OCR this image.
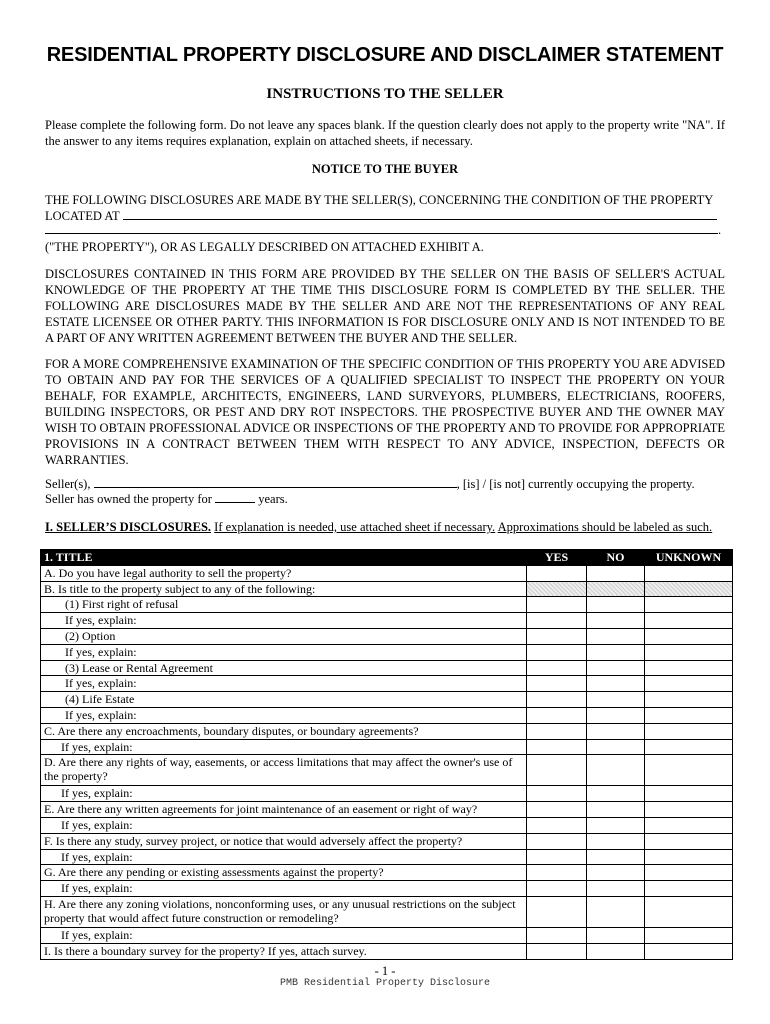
RESIDENTIAL PROPERTY DISCLOSURE AND DISCLAIMER STATEMENT

INSTRUCTIONS TO THE SELLER

Please complete the following form. Do not leave any spaces blank. If the question clearly does not apply to the property write "NA". If the answer to any items requires explanation, explain on attached sheets, if necessary.

NOTICE TO THE BUYER

THE FOLLOWING DISCLOSURES ARE MADE BY THE SELLER(S), CONCERNING THE CONDITION OF THE PROPERTY

LOCATED AT
.

("THE PROPERTY"), OR AS LEGALLY DESCRIBED ON ATTACHED EXHIBIT A.

DISCLOSURES CONTAINED IN THIS FORM ARE PROVIDED BY THE SELLER ON THE BASIS OF SELLER'S ACTUAL KNOWLEDGE OF THE PROPERTY AT THE TIME THIS DISCLOSURE FORM IS COMPLETED BY THE SELLER. THE FOLLOWING ARE DISCLOSURES MADE BY THE SELLER AND ARE NOT THE REPRESENTATIONS OF ANY REAL ESTATE LICENSEE OR OTHER PARTY. THIS INFORMATION IS FOR DISCLOSURE ONLY AND IS NOT INTENDED TO BE A PART OF ANY WRITTEN AGREEMENT BETWEEN THE BUYER AND THE SELLER.

FOR A MORE COMPREHENSIVE EXAMINATION OF THE SPECIFIC CONDITION OF THIS PROPERTY YOU ARE ADVISED TO OBTAIN AND PAY FOR THE SERVICES OF A QUALIFIED SPECIALIST TO INSPECT THE PROPERTY ON YOUR BEHALF, FOR EXAMPLE, ARCHITECTS, ENGINEERS, LAND SURVEYORS, PLUMBERS, ELECTRICIANS, ROOFERS, BUILDING INSPECTORS, OR PEST AND DRY ROT INSPECTORS. THE PROSPECTIVE BUYER AND THE OWNER MAY WISH TO OBTAIN PROFESSIONAL ADVICE OR INSPECTIONS OF THE PROPERTY AND TO PROVIDE FOR APPROPRIATE PROVISIONS IN A CONTRACT BETWEEN THEM WITH RESPECT TO ANY ADVICE, INSPECTION, DEFECTS OR WARRANTIES.

Seller(s),	, [is] / [is not] currently occupying the property.
Seller has owned the property for	years.
I. SELLER’S DISCLOSURES. If explanation is needed, use attached sheet if necessary. Approximations should be labeled as such.
1. TITLE	YES	NO	UNKNOWN
A. Do you have legal authority to sell the property?			
B. Is title to the property subject to any of the following:			
(1) First right of refusal			
If yes, explain:			
(2) Option			
If yes, explain:			
(3) Lease or Rental Agreement			
If yes, explain:			
(4) Life Estate			
If yes, explain:			
C. Are there any encroachments, boundary disputes, or boundary agreements?			
If yes, explain:			
D. Are there any rights of way, easements, or access limitations that may affect the owner's use of the property?			
If yes, explain:			
E. Are there any written agreements for joint maintenance of an easement or right of way?			
If yes, explain:			
F. Is there any study, survey project, or notice that would adversely affect the property?			
If yes, explain:			
G. Are there any pending or existing assessments against the property?			
If yes, explain:			
H. Are there any zoning violations, nonconforming uses, or any unusual restrictions on the subject property that would affect future construction or remodeling?			
If yes, explain:			
I. Is there a boundary survey for the property? If yes, attach survey.			
- 1 -
PMB Residential Property Disclosure
